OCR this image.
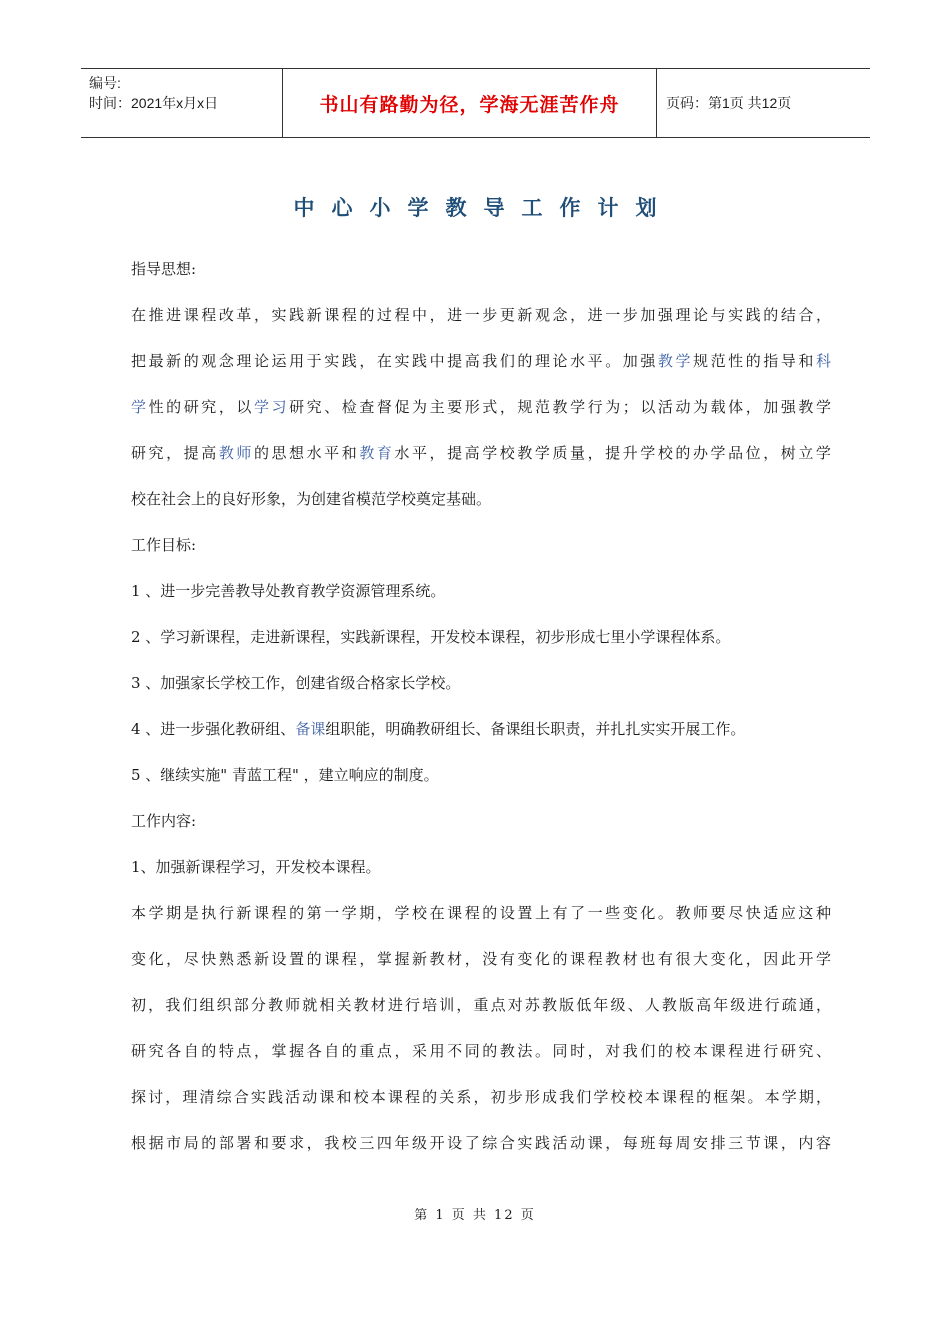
编号:
时间：2021年x月x日	书山有路勤为径，学海无涯苦作舟	页码：第1页 共12页
中心小学教导工作计划
指导思想:
在推进课程改革，实践新课程的过程中，进一步更新观念，进一步加强理论与实践的结合，
把最新的观念理论运用于实践，在实践中提高我们的理论水平。加强教学规范性的指导和科
学性的研究，以学习研究、检查督促为主要形式，规范教学行为；以活动为载体，加强教学
研究，提高教师的思想水平和教育水平，提高学校教学质量，提升学校的办学品位，树立学
校在社会上的良好形象，为创建省模范学校奠定基础。
工作目标:
1 、进一步完善教导处教育教学资源管理系统。
2 、学习新课程，走进新课程，实践新课程，开发校本课程，初步形成七里小学课程体系。
3 、加强家长学校工作，创建省级合格家长学校。
4 、进一步强化教研组、备课组职能，明确教研组长、备课组长职责，并扎扎实实开展工作。
5 、继续实施" 青蓝工程" ，建立响应的制度。
工作内容:
1、加强新课程学习，开发校本课程。
本学期是执行新课程的第一学期，学校在课程的设置上有了一些变化。教师要尽快适应这种
变化，尽快熟悉新设置的课程，掌握新教材，没有变化的课程教材也有很大变化，因此开学
初，我们组织部分教师就相关教材进行培训，重点对苏教版低年级、人教版高年级进行疏通，
研究各自的特点，掌握各自的重点，采用不同的教法。同时，对我们的校本课程进行研究、
探讨，理清综合实践活动课和校本课程的关系，初步形成我们学校校本课程的框架。本学期，
根据市局的部署和要求，我校三四年级开设了综合实践活动课，每班每周安排三节课，内容
第 1 页 共 12 页
